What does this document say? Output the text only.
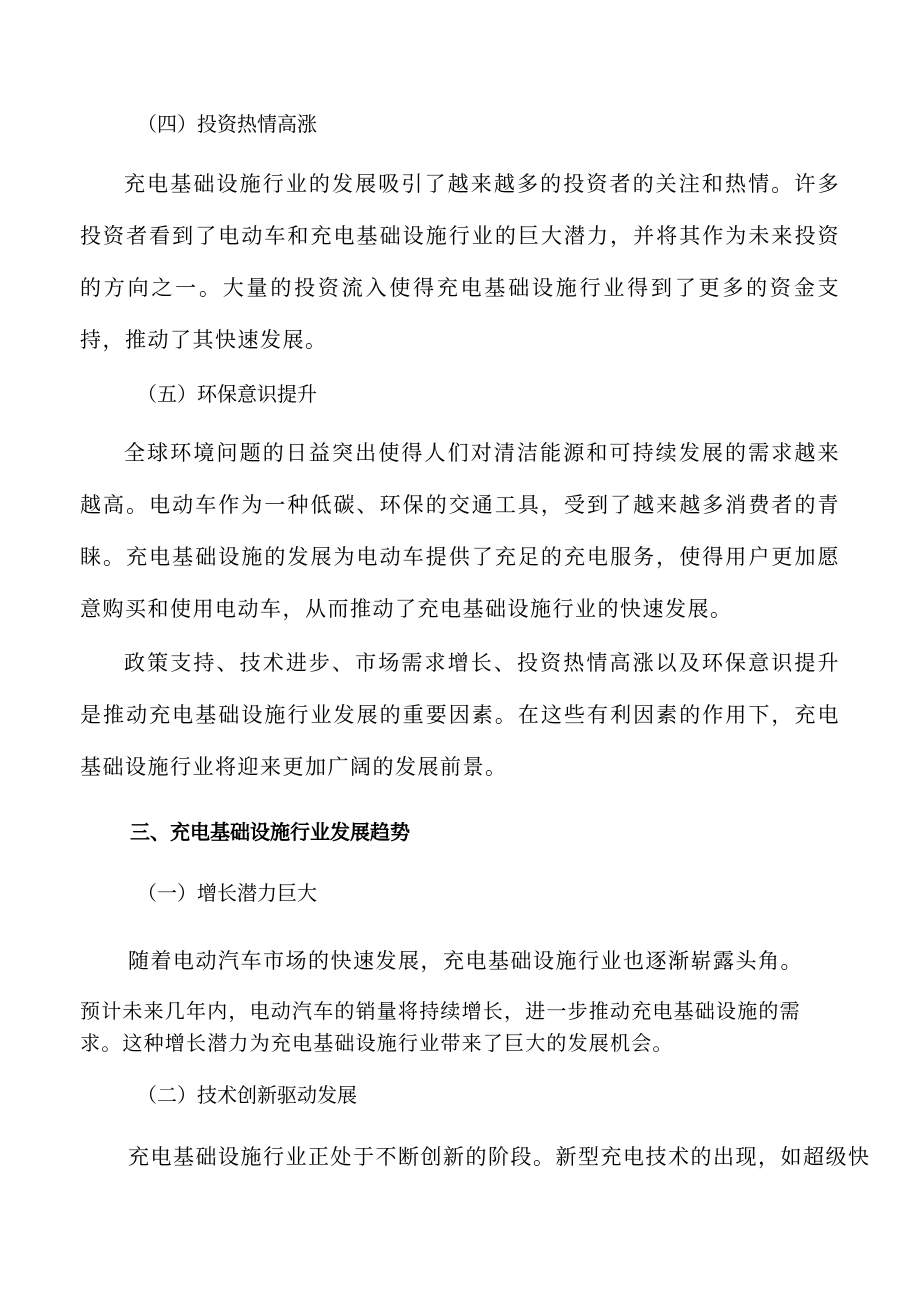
（四）投资热情高涨
充电基础设施行业的发展吸引了越来越多的投资者的关注和热情。许多投资者看到了电动车和充电基础设施行业的巨大潜力，并将其作为未来投资的方向之一。大量的投资流入使得充电基础设施行业得到了更多的资金支持，推动了其快速发展。
（五）环保意识提升
全球环境问题的日益突出使得人们对清洁能源和可持续发展的需求越来越高。电动车作为一种低碳、环保的交通工具，受到了越来越多消费者的青睐。充电基础设施的发展为电动车提供了充足的充电服务，使得用户更加愿意购买和使用电动车，从而推动了充电基础设施行业的快速发展。
政策支持、技术进步、市场需求增长、投资热情高涨以及环保意识提升是推动充电基础设施行业发展的重要因素。在这些有利因素的作用下，充电基础设施行业将迎来更加广阔的发展前景。
三、充电基础设施行业发展趋势
（一）增长潜力巨大
随着电动汽车市场的快速发展，充电基础设施行业也逐渐崭露头角。
预计未来几年内，电动汽车的销量将持续增长，进一步推动充电基础设施的需求。这种增长潜力为充电基础设施行业带来了巨大的发展机会。
（二）技术创新驱动发展
充电基础设施行业正处于不断创新的阶段。新型充电技术的出现，如超级快
